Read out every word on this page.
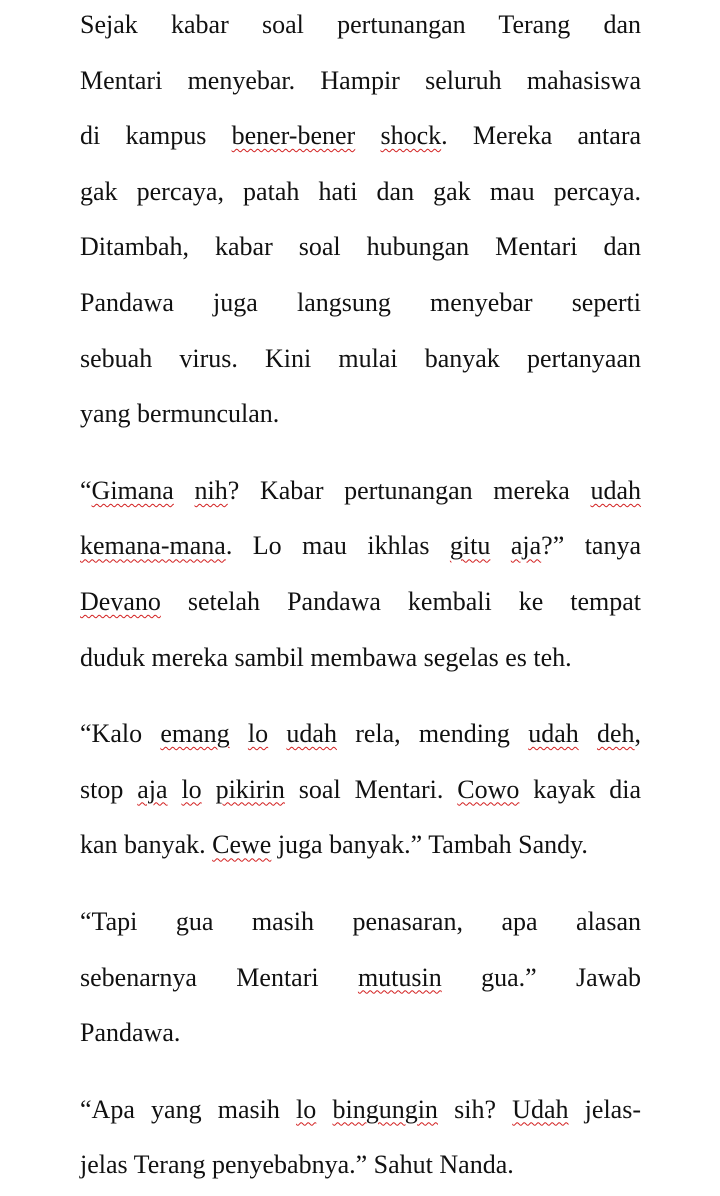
Sejak kabar soal pertunangan Terang dan
Mentari menyebar. Hampir seluruh mahasiswa
di kampus bener-bener shock. Mereka antara
gak percaya, patah hati dan gak mau percaya.
Ditambah, kabar soal hubungan Mentari dan
Pandawa juga langsung menyebar seperti
sebuah virus. Kini mulai banyak pertanyaan
yang bermunculan.
“Gimana nih? Kabar pertunangan mereka udah
kemana-mana. Lo mau ikhlas gitu aja?” tanya
Devano setelah Pandawa kembali ke tempat
duduk mereka sambil membawa segelas es teh.
“Kalo emang lo udah rela, mending udah deh,
stop aja lo pikirin soal Mentari. Cowo kayak dia
kan banyak. Cewe juga banyak.” Tambah Sandy.
“Tapi gua masih penasaran, apa alasan
sebenarnya Mentari mutusin gua.” Jawab
Pandawa.
“Apa yang masih lo bingungin sih? Udah jelas-
jelas Terang penyebabnya.” Sahut Nanda.
